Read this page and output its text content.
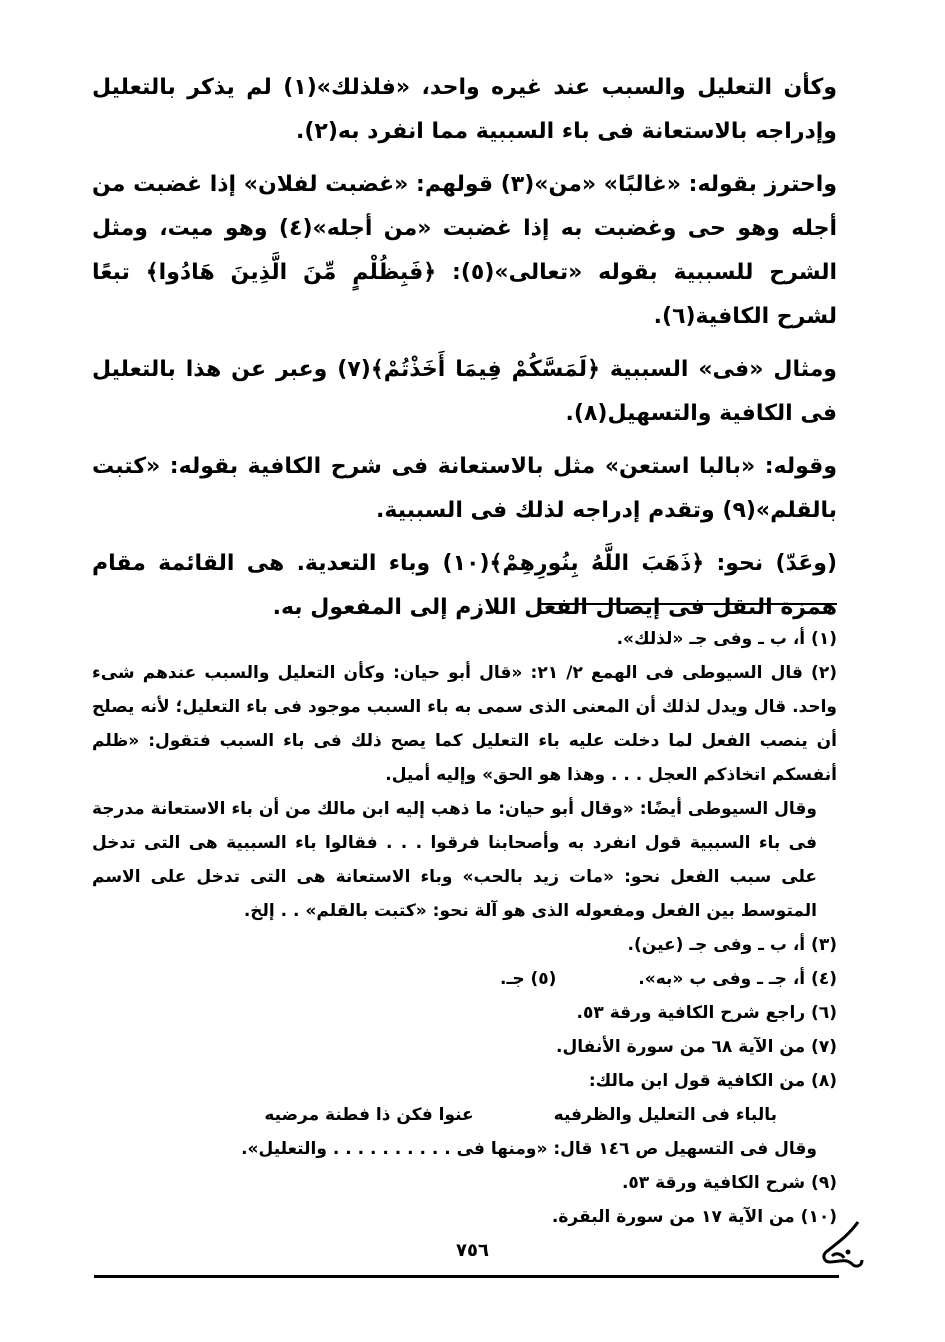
وكأن التعليل والسبب عند غيره واحد، «فلذلك»(١) لم يذكر بالتعليل وإدراجه بالاستعانة فى باء السببية مما انفرد به(٢).

واحترز بقوله: «غالبًا» «من»(٣) قولهم: «غضبت لفلان» إذا غضبت من أجله وهو حى وغضبت به إذا غضبت «من أجله»(٤) وهو ميت، ومثل الشرح للسببية بقوله «تعالى»(٥): ﴿فَبِظُلْمٍ مِّنَ الَّذِينَ هَادُوا﴾ تبعًا لشرح الكافية(٦).

ومثال «فى» السببية ﴿لَمَسَّكُمْ فِيمَا أَخَذْتُمْ﴾(٧) وعبر عن هذا بالتعليل فى الكافية والتسهيل(٨).

وقوله: «بالبا استعن» مثل بالاستعانة فى شرح الكافية بقوله: «كتبت بالقلم»(٩) وتقدم إدراجه لذلك فى السببية.

(وعَدّ) نحو: ﴿ذَهَبَ اللَّهُ بِنُورِهِمْ﴾(١٠) وباء التعدية. هى القائمة مقام همزة النقل فى إيصال الفعل اللازم إلى المفعول به.

(١) أ، ب ـ وفى جـ «لذلك».

(٢) قال السيوطى فى الهمع ٢/ ٢١: «قال أبو حيان: وكأن التعليل والسبب عندهم شىء واحد. قال ويدل لذلك أن المعنى الذى سمى به باء السبب موجود فى باء التعليل؛ لأنه يصلح أن ينصب الفعل لما دخلت عليه باء التعليل كما يصح ذلك فى باء السبب فتقول: «ظلم أنفسكم اتخاذكم العجل . . . وهذا هو الحق» وإليه أميل.

وقال السيوطى أيضًا: «وقال أبو حيان: ما ذهب إليه ابن مالك من أن باء الاستعانة مدرجة فى باء السببية قول انفرد به وأصحابنا فرقوا . . . فقالوا باء السببية هى التى تدخل على سبب الفعل نحو: «مات زيد بالحب» وباء الاستعانة هى التى تدخل على الاسم المتوسط بين الفعل ومفعوله الذى هو آلة نحو: «كتبت بالقلم» . . إلخ.

(٣) أ، ب ـ وفى جـ (عين).

(٤) أ، جـ ـ وفى ب «به».  (٥) جـ.

(٦) راجع شرح الكافية ورقة ٥٣.

(٧) من الآية ٦٨ من سورة الأنفال.

(٨) من الكافية قول ابن مالك:

بالباء فى التعليل والظرفيه
عنوا فكن ذا فطنة مرضيه

وقال فى التسهيل ص ١٤٦ قال: «ومنها فى . . . . . . . . . . والتعليل».

(٩) شرح الكافية ورقة ٥٣.

(١٠) من الآية ١٧ من سورة البقرة.

٧٥٦
